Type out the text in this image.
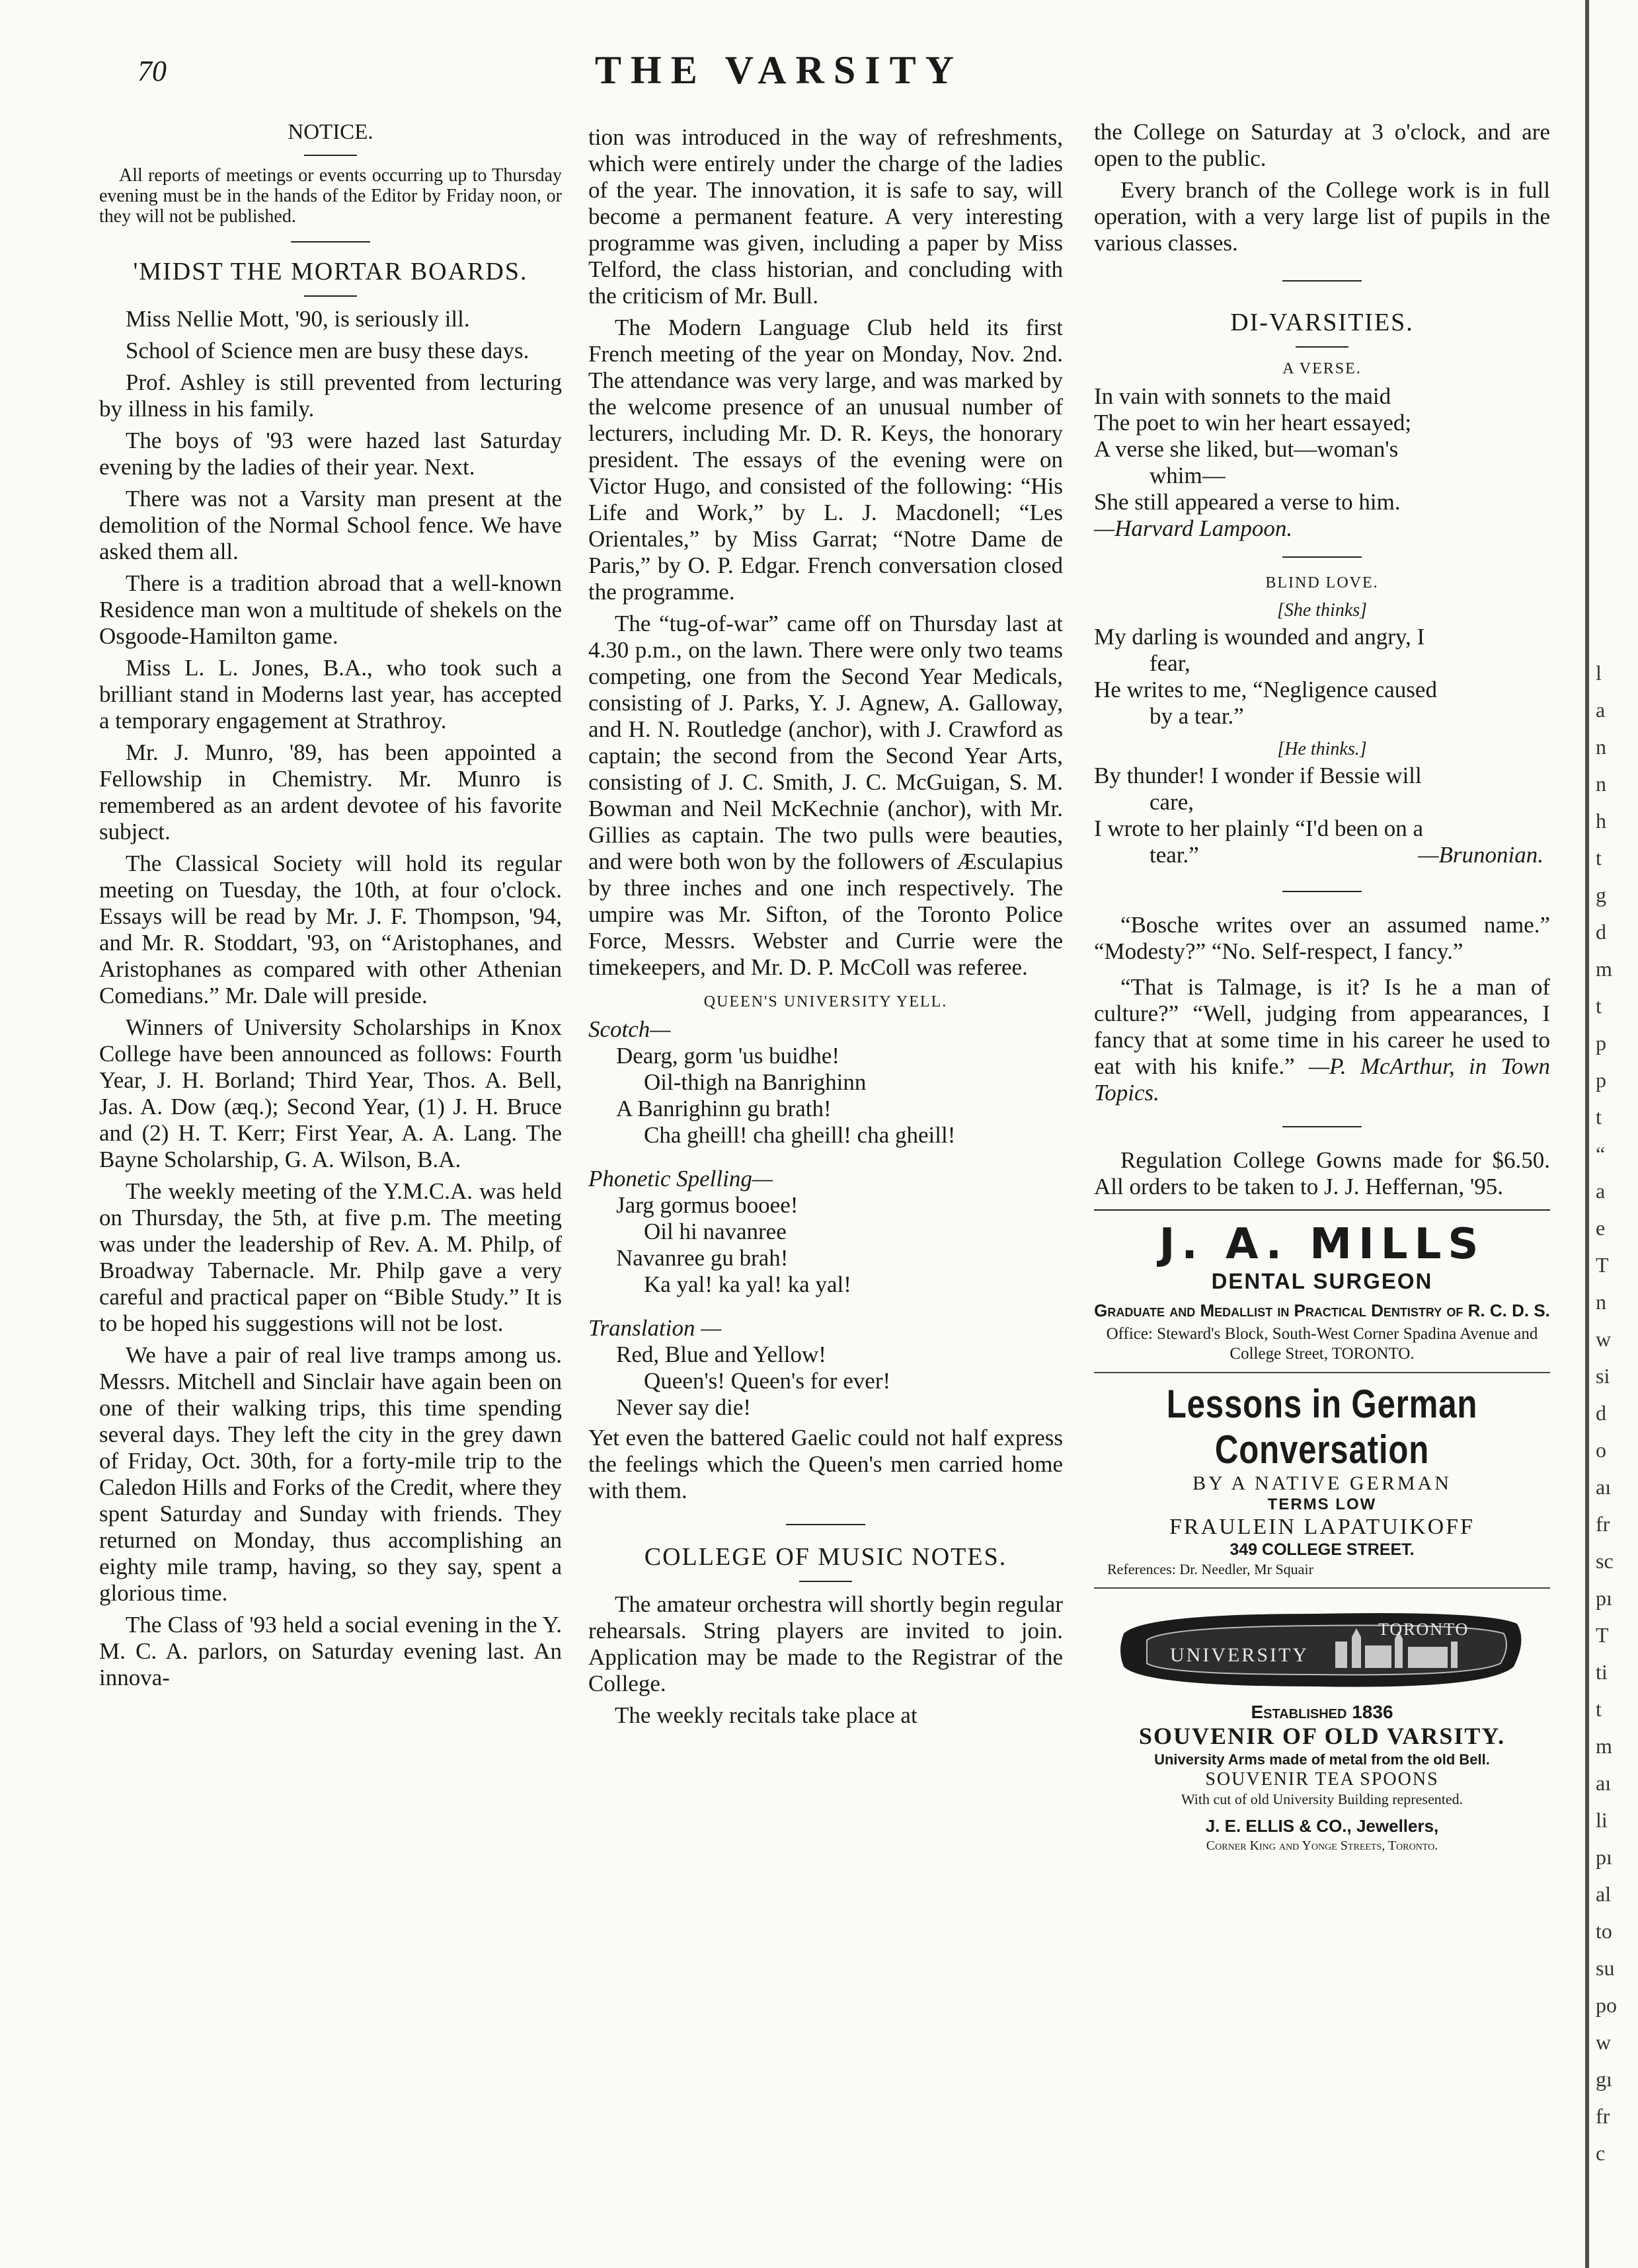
70	THE VARSITY
NOTICE.

All reports of meetings or events occurring up to Thursday evening must be in the hands of the Editor by Friday noon, or they will not be published.

'MIDST THE MORTAR BOARDS.

Miss Nellie Mott, '90, is seriously ill.

School of Science men are busy these days.

Prof. Ashley is still prevented from lecturing by illness in his family.

The boys of '93 were hazed last Saturday evening by the ladies of their year. Next.

There was not a Varsity man present at the demolition of the Normal School fence. We have asked them all.

There is a tradition abroad that a well-known Residence man won a multitude of shekels on the Osgoode-Hamilton game.

Miss L. L. Jones, B.A., who took such a brilliant stand in Moderns last year, has accepted a temporary engagement at Strathroy.

Mr. J. Munro, '89, has been appointed a Fellowship in Chemistry. Mr. Munro is remembered as an ardent devotee of his favorite subject.

The Classical Society will hold its regular meeting on Tuesday, the 10th, at four o'clock. Essays will be read by Mr. J. F. Thompson, '94, and Mr. R. Stoddart, '93, on “Aristophanes, and Aristophanes as compared with other Athenian Comedians.” Mr. Dale will preside.

Winners of University Scholarships in Knox College have been announced as follows: Fourth Year, J. H. Borland; Third Year, Thos. A. Bell, Jas. A. Dow (æq.); Second Year, (1) J. H. Bruce and (2) H. T. Kerr; First Year, A. A. Lang. The Bayne Scholarship, G. A. Wilson, B.A.

The weekly meeting of the Y.M.C.A. was held on Thursday, the 5th, at five p.m. The meeting was under the leadership of Rev. A. M. Philp, of Broadway Tabernacle. Mr. Philp gave a very careful and practical paper on “Bible Study.” It is to be hoped his suggestions will not be lost.

We have a pair of real live tramps among us. Messrs. Mitchell and Sinclair have again been on one of their walking trips, this time spending several days. They left the city in the grey dawn of Friday, Oct. 30th, for a forty-mile trip to the Caledon Hills and Forks of the Credit, where they spent Saturday and Sunday with friends. They returned on Monday, thus accomplishing an eighty mile tramp, having, so they say, spent a glorious time.

The Class of '93 held a social evening in the Y. M. C. A. parlors, on Saturday evening last. An innova-

tion was introduced in the way of refreshments, which were entirely under the charge of the ladies of the year. The innovation, it is safe to say, will become a permanent feature. A very interesting programme was given, including a paper by Miss Telford, the class historian, and concluding with the criticism of Mr. Bull.

The Modern Language Club held its first French meeting of the year on Monday, Nov. 2nd. The attendance was very large, and was marked by the welcome presence of an unusual number of lecturers, including Mr. D. R. Keys, the honorary president. The essays of the evening were on Victor Hugo, and consisted of the following: “His Life and Work,” by L. J. Macdonell; “Les Orientales,” by Miss Garrat; “Notre Dame de Paris,” by O. P. Edgar. French conversation closed the programme.

The “tug-of-war” came off on Thursday last at 4.30 p.m., on the lawn. There were only two teams competing, one from the Second Year Medicals, consisting of J. Parks, Y. J. Agnew, A. Galloway, and H. N. Routledge (anchor), with J. Crawford as captain; the second from the Second Year Arts, consisting of J. C. Smith, J. C. McGuigan, S. M. Bowman and Neil McKechnie (anchor), with Mr. Gillies as captain. The two pulls were beauties, and were both won by the followers of Æsculapius by three inches and one inch respectively. The umpire was Mr. Sifton, of the Toronto Police Force, Messrs. Webster and Currie were the timekeepers, and Mr. D. P. McColl was referee.

QUEEN'S UNIVERSITY YELL.

Scotch—

Dearg, gorm 'us buidhe!

Oil-thigh na Banrighinn

A Banrighinn gu brath!

Cha gheill! cha gheill! cha gheill!

Phonetic Spelling—

Jarg gormus booee!

Oil hi navanree

Navanree gu brah!

Ka yal! ka yal! ka yal!

Translation —

Red, Blue and Yellow!

Queen's! Queen's for ever!

Never say die!

Yet even the battered Gaelic could not half express the feelings which the Queen's men carried home with them.

COLLEGE OF MUSIC NOTES.

The amateur orchestra will shortly begin regular rehearsals. String players are invited to join. Application may be made to the Registrar of the College.

The weekly recitals take place at

the College on Saturday at 3 o'clock, and are open to the public.

Every branch of the College work is in full operation, with a very large list of pupils in the various classes.

DI-VARSITIES.
A VERSE.

In vain with sonnets to the maid

The poet to win her heart essayed;

A verse she liked, but—woman's

whim—

She still appeared a verse to him.

—Harvard Lampoon.

BLIND LOVE.

[She thinks]

My darling is wounded and angry, I

fear,

He writes to me, “Negligence caused

by a tear.”

[He thinks.]

By thunder! I wonder if Bessie will

care,

I wrote to her plainly “I'd been on a

tear.”	—Brunonian.

“Bosche writes over an assumed name.” “Modesty?” “No. Self-respect, I fancy.”

“That is Talmage, is it? Is he a man of culture?” “Well, judging from appearances, I fancy that at some time in his career he used to eat with his knife.” —P. McArthur, in Town Topics.

Regulation College Gowns made for $6.50. All orders to be taken to J. J. Heffernan, '95.

J. A. MILLS
DENTAL SURGEON
Graduate and Medallist in Practical Dentistry of R. C. D. S.
Office: Steward's Block, South-West Corner Spadina Avenue and College Street, TORONTO.
Lessons in German Conversation
BY A NATIVE GERMAN
TERMS LOW
FRAULEIN LAPATUIKOFF
349 COLLEGE STREET.
References: Dr. Needler, Mr Squair
UNIVERSITY
TORONTO
Established 1836
SOUVENIR OF OLD VARSITY.
University Arms made of metal from the old Bell.
SOUVENIR TEA SPOONS
With cut of old University Building represented.
J. E. ELLIS & CO., Jewellers,
Corner King and Yonge Streets, Toronto.
l
a
n
n
h
t
g
d
m
t
p
p
t
“
a
e
T
n
w
si
d
o
aı
fr
sc
pı
T
ti
t
m
aı
li
pı
al
to
su
po
w
gı
fr
c
